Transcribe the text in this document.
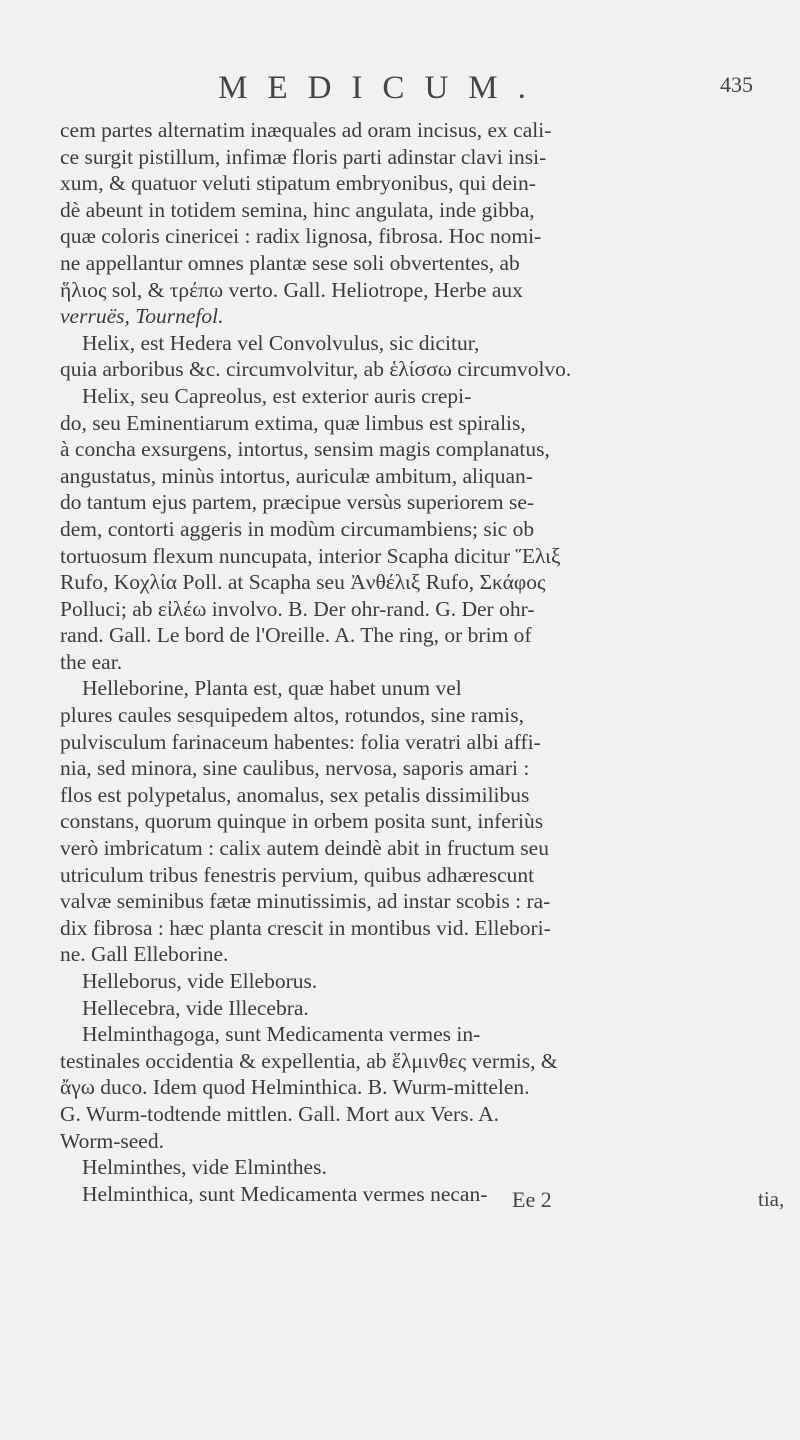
MEDICUM.	435
cem partes alternatim inæquales ad oram incisus, ex cali-
ce surgit pistillum, infimæ floris parti adinstar clavi insi-
xum, & quatuor veluti stipatum embryonibus, qui dein-
dè abeunt in totidem semina, hinc angulata, inde gibba,
quæ coloris cinericei : radix lignosa, fibrosa. Hoc nomi-
ne appellantur omnes plantæ sese soli obvertentes, ab
ἥλιος sol, & τρέπω verto. Gall. Heliotrope, Herbe aux
verruës, Tournefol.
Helix, est Hedera vel Convolvulus, sic dicitur,
quia arboribus &c. circumvolvitur, ab ἑλίσσω circumvolvo.
Helix, seu Capreolus, est exterior auris crepi-
do, seu Eminentiarum extima, quæ limbus est spiralis,
à concha exsurgens, intortus, sensim magis complanatus,
angustatus, minùs intortus, auriculæ ambitum, aliquan-
do tantum ejus partem, præcipue versùs superiorem se-
dem, contorti aggeris in modùm circumambiens; sic ob
tortuosum flexum nuncupata, interior Scapha dicitur Ἕλιξ
Rufo, Κοχλία Poll. at Scapha seu Ἀνθέλιξ Rufo, Σκάφος
Polluci; ab εἰλέω involvo. B. Der ohr-rand. G. Der ohr-
rand. Gall. Le bord de l'Oreille. A. The ring, or brim of
the ear.
Helleborine, Planta est, quæ habet unum vel
plures caules sesquipedem altos, rotundos, sine ramis,
pulvisculum farinaceum habentes: folia veratri albi affi-
nia, sed minora, sine caulibus, nervosa, saporis amari :
flos est polypetalus, anomalus, sex petalis dissimilibus
constans, quorum quinque in orbem posita sunt, inferiùs
verò imbricatum : calix autem deindè abit in fructum seu
utriculum tribus fenestris pervium, quibus adhærescunt
valvæ seminibus fætæ minutissimis, ad instar scobis : ra-
dix fibrosa : hæc planta crescit in montibus vid. Ellebori-
ne. Gall Elleborine.
Helleborus, vide Elleborus.
Hellecebra, vide Illecebra.
Helminthagoga, sunt Medicamenta vermes in-
testinales occidentia & expellentia, ab ἕλμινθες vermis, &
ἄγω duco. Idem quod Helminthica. B. Wurm-mittelen.
G. Wurm-todtende mittlen. Gall. Mort aux Vers. A.
Worm-seed.
Helminthes, vide Elminthes.
Helminthica, sunt Medicamenta vermes necan-	Ee 2	tia,
